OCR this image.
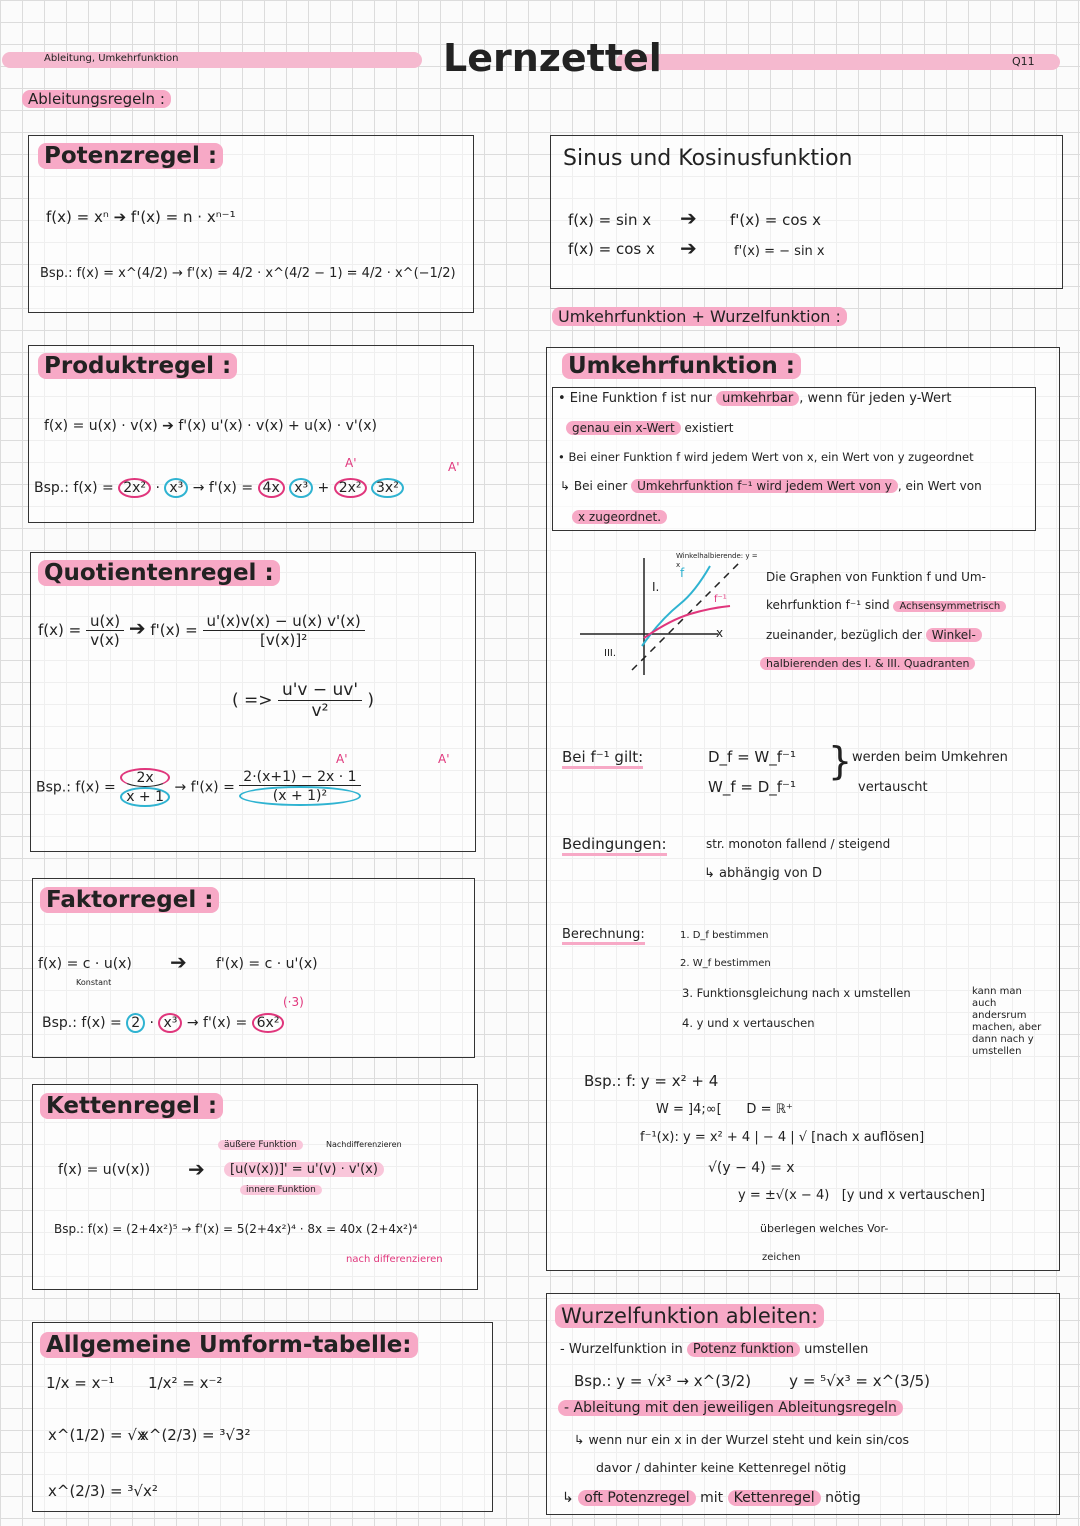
Ableitung, Umkehrfunktion	Lernzettel	Q11
Ableitungsregeln :
Potenzregel :
f(x) = xⁿ ➔ f'(x) = n · xⁿ⁻¹
Bsp.: f(x) = x^(4/2) → f'(x) = 4/2 · x^(4/2 − 1) = 4/2 · x^(−1/2)
Produktregel :
f(x) = u(x) · v(x) ➔ f'(x) u'(x) · v(x) + u(x) · v'(x)
A'	A'
Bsp.: f(x) = 2x² · x³ → f'(x) = 4x x³ + 2x² 3x²
Quotientenregel :
$f(x) = \frac{u(x)}{v(x)}$ ➔ $f'(x) = \frac{u'(x)v(x) - u(x) v'(x)}{\text{[v(x)]²}}$
( => $\frac{u'v - uv'}{\text{v²}}$ )
A'	A'
Bsp.: $f(x) = \frac{2x}{x + 1} \to f'(x) = \frac{2\cdot(x+1) - 2x \cdot 1}{\text{(x + 1)²}}$
Faktorregel :
f(x) = c · u(x)
Konstant
➔ f'(x) = c · u'(x)
(·3)
Bsp.: f(x) = 2 · x³ → f'(x) = 6x²
Kettenregel :
äußere Funktion	Nachdifferenzieren
f(x) = u(v(x)) ➔	[u(v(x))]' = u'(v) · v'(x)
innere Funktion
Bsp.: f(x) = (2+4x²)⁵ → f'(x) = 5(2+4x²)⁴ · 8x = 40x (2+4x²)⁴
nach differenzieren
Allgemeine Umform-tabelle:
1/x = x⁻¹ 1/x² = x⁻²
x^(1/2) = √x
x^(2/3) = ³√3²
x^(2/3) = ³√x²
Sinus und Kosinusfunktion
f(x) = sin x ➔ f'(x) = cos x
f(x) = cos x ➔	f'(x) = − sin x
Umkehrfunktion + Wurzelfunktion :
Umkehrfunktion :
• Eine Funktion f ist nur umkehrbar , wenn für jeden y-Wert
genau ein x-Wert existiert
• Bei einer Funktion f wird jedem Wert von x, ein Wert von y zugeordnet
↳ Bei einer Umkehrfunktion f⁻¹ wird jedem Wert von y , ein Wert von
x zugeordnet.
Winkelhalbierende: y = x
I.
III.
f
f⁻¹
x
Die Graphen von Funktion f und Um-
kehrfunktion f⁻¹ sind Achsensymmetrisch
zueinander, bezüglich der Winkel-
halbierenden des I. & III. Quadranten
Bei f⁻¹ gilt:	D_f = W_f⁻¹
W_f = D_f⁻¹
} werden beim Umkehren
vertauscht
Bedingungen:	str. monoton fallend / steigend
↳ abhängig von D
Berechnung:	1. D_f bestimmen
2. W_f bestimmen
3. Funktionsgleichung nach x umstellen
4. y und x vertauschen
kann man auch andersrum machen, aber dann nach y umstellen
Bsp.: f: y = x² + 4
W = ]4;∞[      D = ℝ⁺
f⁻¹(x): y = x² + 4 | − 4 | √ [nach x auflösen]
√(y − 4) = x
y = ±√(x − 4)   [y und x vertauschen]
überlegen welches Vor-
zeichen
Wurzelfunktion ableiten:
- Wurzelfunktion in Potenz funktion umstellen
Bsp.: y = √x³ → x^(3/2)        y = ⁵√x³ = x^(3/5)
- Ableitung mit den jeweiligen Ableitungsregeln
↳ wenn nur ein x in der Wurzel steht und kein sin/cos
davor / dahinter keine Kettenregel nötig
↳ oft Potenzregel mit Kettenregel nötig
